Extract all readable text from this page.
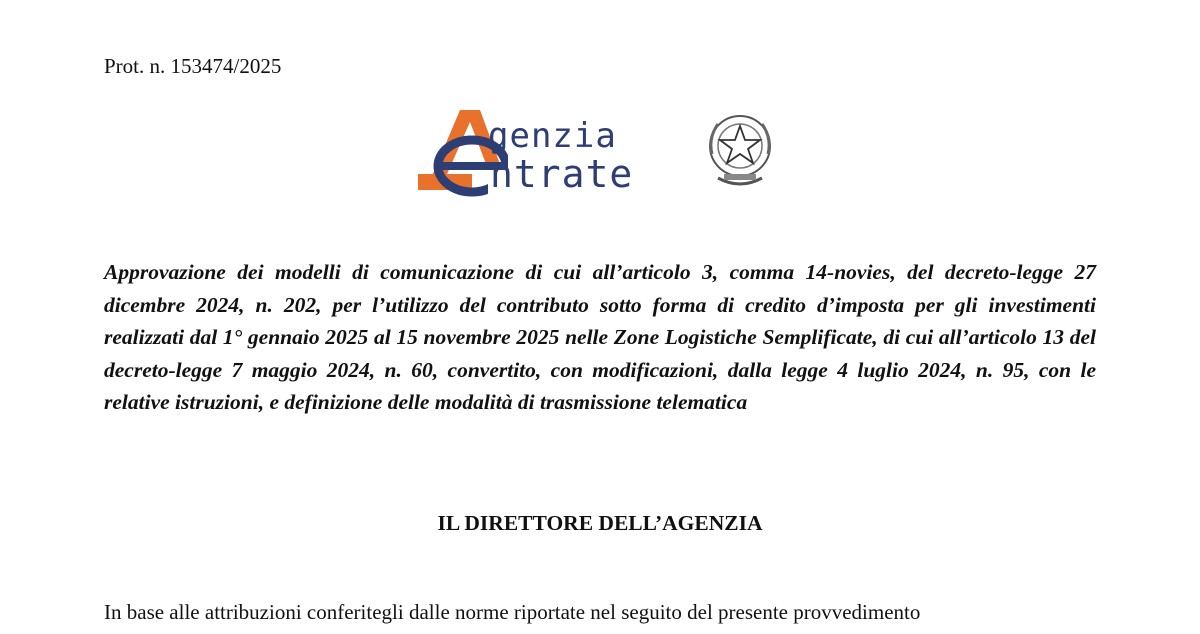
Prot. n. 153474/2025
genzia
ntrate
Approvazione dei modelli di comunicazione di cui all’articolo 3, comma 14-novies, del decreto-legge 27 dicembre 2024, n. 202, per l’utilizzo del contributo sotto forma di credito d’imposta per gli investimenti realizzati dal 1° gennaio 2025 al 15 novembre 2025 nelle Zone Logistiche Semplificate, di cui all’articolo 13 del decreto-legge 7 maggio 2024, n. 60, convertito, con modificazioni, dalla legge 4 luglio 2024, n. 95, con le relative istruzioni, e definizione delle modalità di trasmissione telematica
IL DIRETTORE DELL’AGENZIA
In base alle attribuzioni conferitegli dalle norme riportate nel seguito del presente provvedimento
